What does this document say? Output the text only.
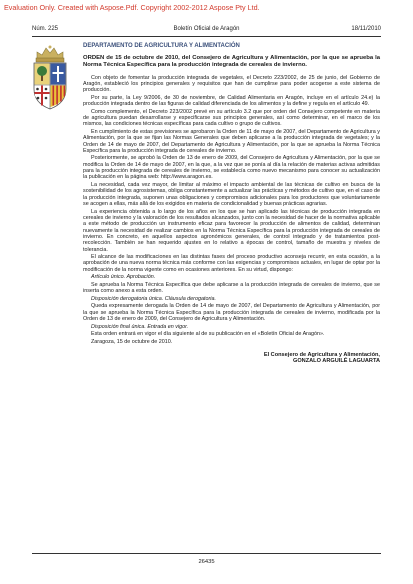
Evaluation Only. Created with Aspose.Pdf. Copyright 2002-2012 Aspose Pty Ltd.
Núm. 225	Boletín Oficial de Aragón	18/11/2010
DEPARTAMENTO DE AGRICULTURA Y ALIMENTACIÓN
ORDEN de 15 de octubre de 2010, del Consejero de Agricultura y Alimentación, por la que se aprueba la Norma Técnica Específica para la producción integrada de cereales de invierno.

Con objeto de fomentar la producción integrada de vegetales, el Decreto 223/2002, de 25 de junio, del Gobierno de Aragón, estableció los principios generales y requisitos que han de cumplirse para poder acogerse a este sistema de producción.

Por su parte, la Ley 9/2006, de 30 de noviembre, de Calidad Alimentaria en Aragón, incluye en el artículo 24.e) la producción integrada dentro de las figuras de calidad diferenciada de los alimentos y la define y regula en el artículo 49.

Como complemento, el Decreto 223/2002 prevé en su artículo 3.2 que por orden del Consejero competente en materia de agricultura puedan desarrollarse y especificarse sus principios generales, así como determinar, en el marco de los mismos, las condiciones técnicas específicas para cada cultivo o grupo de cultivos.

En cumplimiento de estas previsiones se aprobaron la Orden de 11 de mayo de 2007, del Departamento de Agricultura y Alimentación, por la que se fijan las Normas Generales que deben aplicarse a la producción integrada de vegetales; y la Orden de 14 de mayo de 2007, del Departamento de Agricultura y Alimentación, por la que se aprueba la Norma Técnica Específica para la producción integrada de cereales de invierno.

Posteriormente, se aprobó la Orden de 13 de enero de 2009, del Consejero de Agricultura y Alimentación, por la que se modifica la Orden de 14 de mayo de 2007, en la que, a la vez que se ponía al día la relación de materias activas admitidas para la producción integrada de cereales de invierno, se establecía como nuevo mecanismo para conocer su actualización la publicación en la página web: http://www.aragon.es.

La necesidad, cada vez mayor, de limitar al máximo el impacto ambiental de las técnicas de cultivo en busca de la sostenibilidad de los agrosistemas, obliga constantemente a actualizar las prácticas y métodos de cultivo que, en el caso de la producción integrada, suponen unas obligaciones y compromisos adicionales para los productores que voluntariamente se acogen a ellas, más allá de los exigidos en materia de condicionalidad y buenas prácticas agrarias.

La experiencia obtenida a lo largo de los años en los que se han aplicado las técnicas de producción integrada en cereales de invierno y la valoración de los resultados alcanzados, junto con la necesidad de hacer de la normativa aplicable a este método de producción un instrumento eficaz para favorecer la producción de alimentos de calidad, determinan nuevamente la necesidad de realizar cambios en la Norma Técnica Específica para la producción integrada de cereales de invierno. En concreto, en aquellos aspectos agronómicos generales, de control integrado y de tratamientos post-recolección. También se han requerido ajustes en lo relativo a épocas de control, tamaño de muestra y niveles de tolerancia.

El alcance de las modificaciones en las distintas fases del proceso productivo aconseja recurrir, en esta ocasión, a la aprobación de una nueva norma técnica más conforme con las exigencias y compromisos actuales, en lugar de optar por la modificación de la norma vigente como en ocasiones anteriores. En su virtud, dispongo:

Artículo único. Aprobación.

Se aprueba la Norma Técnica Específica que debe aplicarse a la producción integrada de cereales de invierno, que se inserta como anexo a esta orden.

Disposición derogatoria única. Cláusula derogatoria.

Queda expresamente derogada la Orden de 14 de mayo de 2007, del Departamento de Agricultura y Alimentación, por la que se aprueba la Norma Técnica Específica para la producción integrada de cereales de invierno, modificada por la Orden de 13 de enero de 2009, del Consejero de Agricultura y Alimentación.

Disposición final única. Entrada en vigor.

Esta orden entrará en vigor el día siguiente al de su publicación en el «Boletín Oficial de Aragón».

Zaragoza, 15 de octubre de 2010.

El Consejero de Agricultura y Alimentación,
GONZALO ARGUILÉ LAGUARTA
26435
